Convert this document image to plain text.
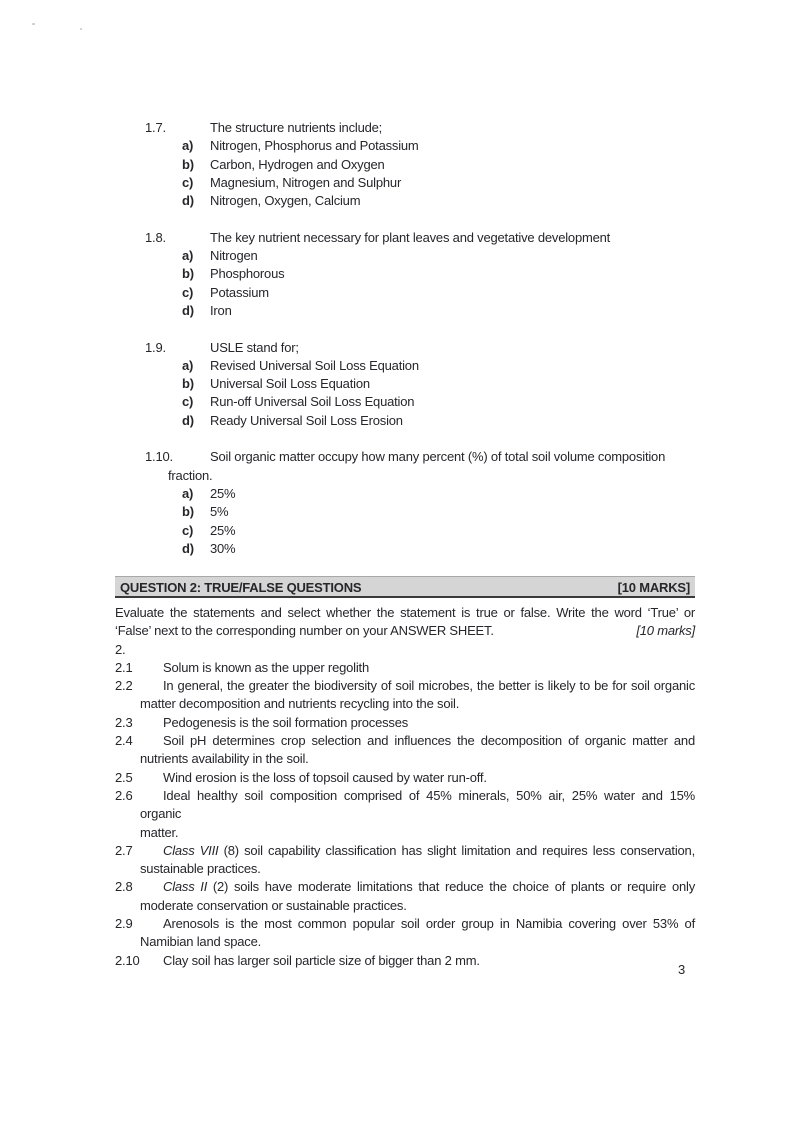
1.7.	The structure nutrients include;
a) Nitrogen, Phosphorus and Potassium
b) Carbon, Hydrogen and Oxygen
c) Magnesium, Nitrogen and Sulphur
d) Nitrogen, Oxygen, Calcium
1.8.	The key nutrient necessary for plant leaves and vegetative development
a) Nitrogen
b) Phosphorous
c) Potassium
d) Iron
1.9.	USLE stand for;
a) Revised Universal Soil Loss Equation
b) Universal Soil Loss Equation
c) Run-off Universal Soil Loss Equation
d) Ready Universal Soil Loss Erosion
1.10.	Soil organic matter occupy how many percent (%) of total soil volume composition
fraction.
a) 25%
b) 5%
c) 25%
d) 30%
QUESTION 2: TRUE/FALSE QUESTIONS	[10 MARKS]
Evaluate the statements and select whether the statement is true or false. Write the word ‘True’ or
‘False’ next to the corresponding number on your ANSWER SHEET.	[10 marks]
2.
2.1	Solum is known as the upper regolith
2.2	In general, the greater the biodiversity of soil microbes, the better is likely to be for soil organic
matter decomposition and nutrients recycling into the soil.
2.3	Pedogenesis is the soil formation processes
2.4	Soil pH determines crop selection and influences the decomposition of organic matter and
nutrients availability in the soil.
2.5	Wind erosion is the loss of topsoil caused by water run-off.
2.6	Ideal healthy soil composition comprised of 45% minerals, 50% air, 25% water and 15% organic
matter.
2.7	Class VIII (8) soil capability classification has slight limitation and requires less conservation,
sustainable practices.
2.8	Class II (2) soils have moderate limitations that reduce the choice of plants or require only
moderate conservation or sustainable practices.
2.9	Arenosols is the most common popular soil order group in Namibia covering over 53% of
Namibian land space.
2.10	Clay soil has larger soil particle size of bigger than 2 mm.
3
